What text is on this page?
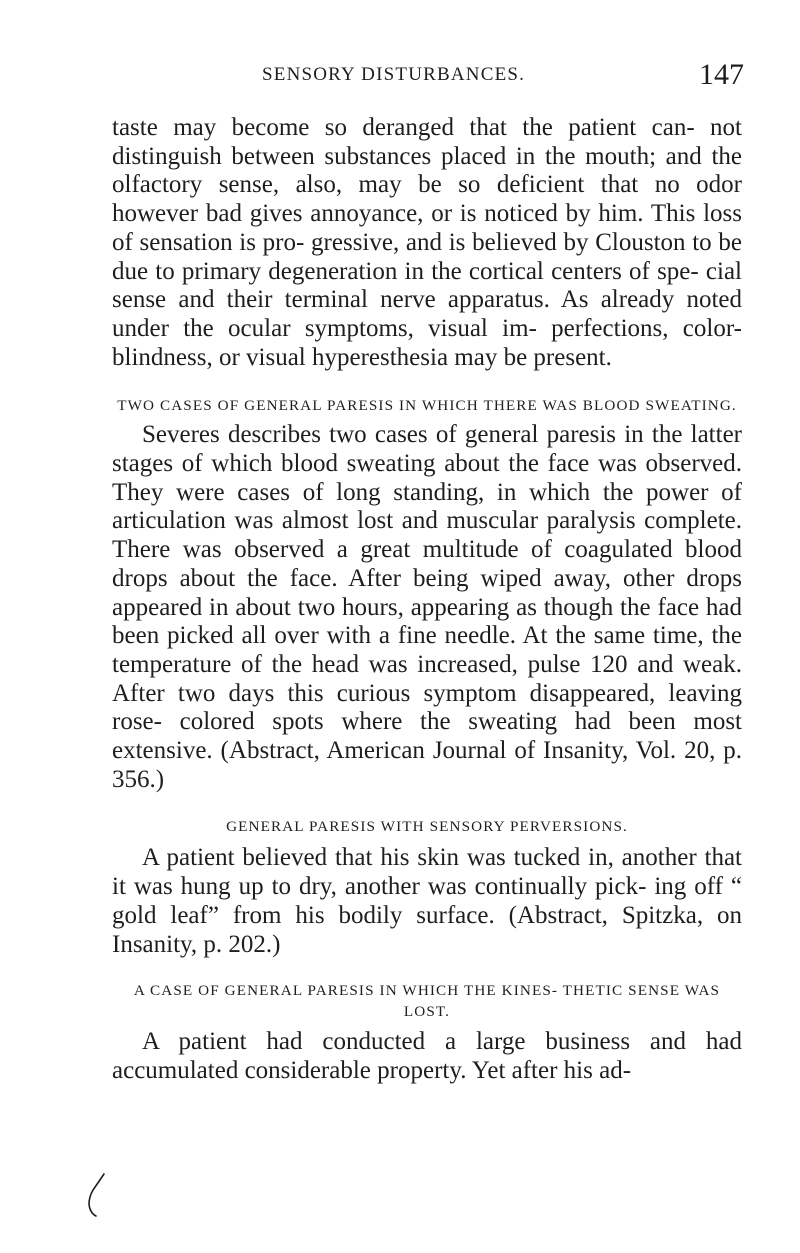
SENSORY DISTURBANCES.	147

taste may become so deranged that the patient can- not distinguish between substances placed in the mouth; and the olfactory sense, also, may be so deficient that no odor however bad gives annoyance, or is noticed by him. This loss of sensation is pro- gressive, and is believed by Clouston to be due to primary degeneration in the cortical centers of spe- cial sense and their terminal nerve apparatus. As already noted under the ocular symptoms, visual im- perfections, color-blindness, or visual hyperesthesia may be present.

TWO CASES OF GENERAL PARESIS IN WHICH THERE WAS BLOOD SWEATING.

Severes describes two cases of general paresis in the latter stages of which blood sweating about the face was observed. They were cases of long standing, in which the power of articulation was almost lost and muscular paralysis complete. There was observed a great multitude of coagulated blood drops about the face. After being wiped away, other drops appeared in about two hours, appearing as though the face had been picked all over with a fine needle. At the same time, the temperature of the head was increased, pulse 120 and weak. After two days this curious symptom disappeared, leaving rose- colored spots where the sweating had been most extensive. (Abstract, American Journal of Insanity, Vol. 20, p. 356.)

GENERAL PARESIS WITH SENSORY PERVERSIONS.

A patient believed that his skin was tucked in, another that it was hung up to dry, another was continually pick- ing off “ gold leaf” from his bodily surface. (Abstract, Spitzka, on Insanity, p. 202.)

A CASE OF GENERAL PARESIS IN WHICH THE KINES- THETIC SENSE WAS LOST.

A patient had conducted a large business and had accumulated considerable property. Yet after his ad-
